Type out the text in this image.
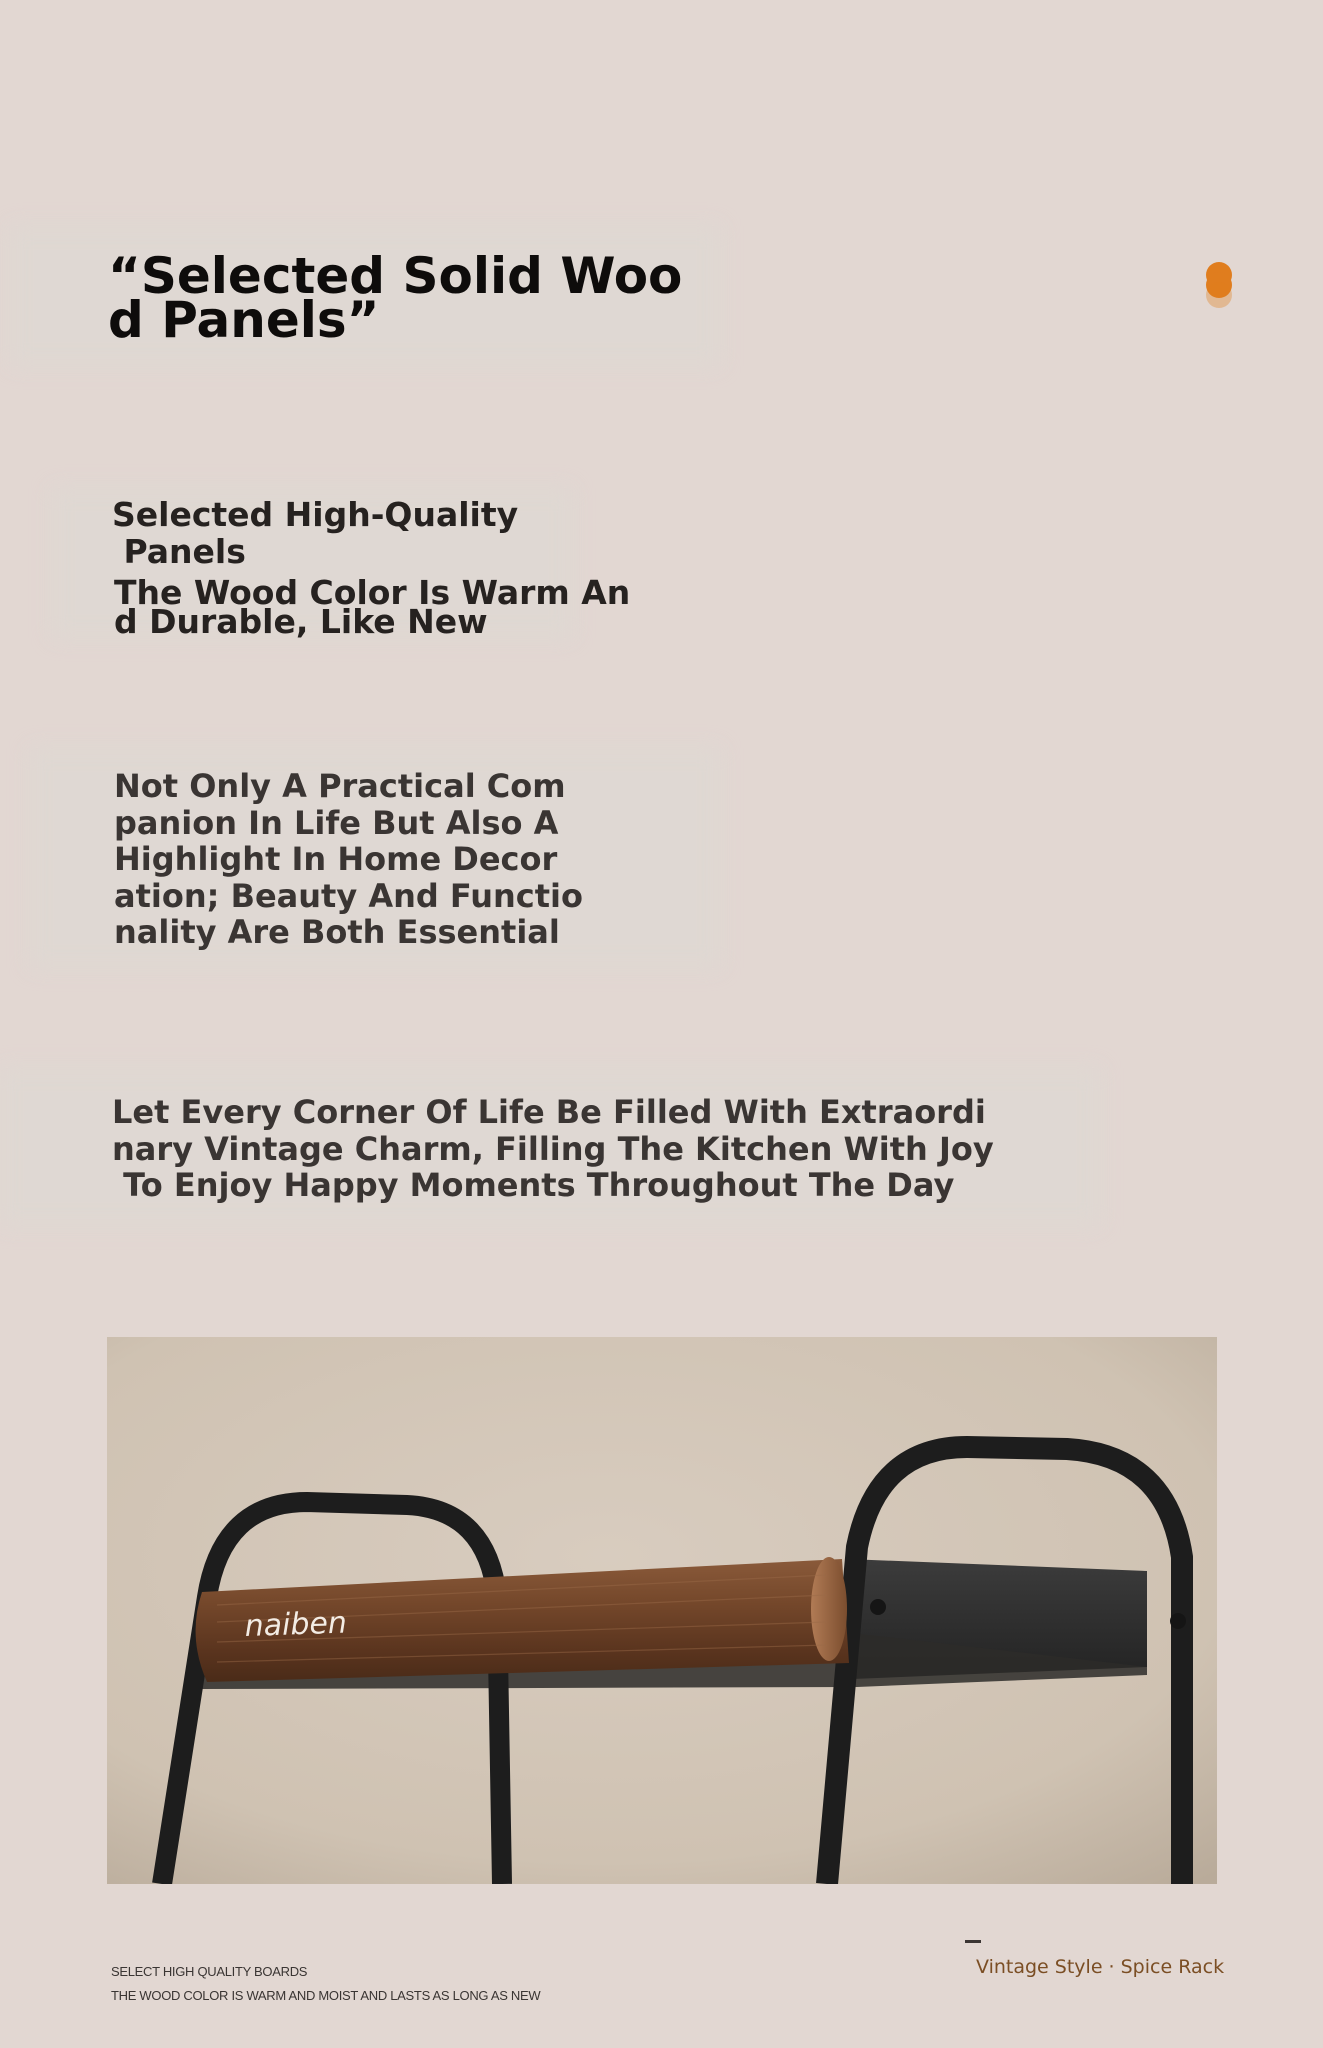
“Selected Solid Woo
d Panels”
Selected High-Quality
Panels
The Wood Color Is Warm An
d Durable, Like New

Not Only A Practical Com
panion In Life But Also A
Highlight In Home Decor
ation; Beauty And Functio
nality Are Both Essential

Let Every Corner Of Life Be Filled With Extraordi
nary Vintage Charm, Filling The Kitchen With Joy
To Enjoy Happy Moments Throughout The Day

naiben
SELECT HIGH QUALITY BOARDS
THE WOOD COLOR IS WARM AND MOIST AND LASTS AS LONG AS NEW
Vintage Style · Spice Rack
